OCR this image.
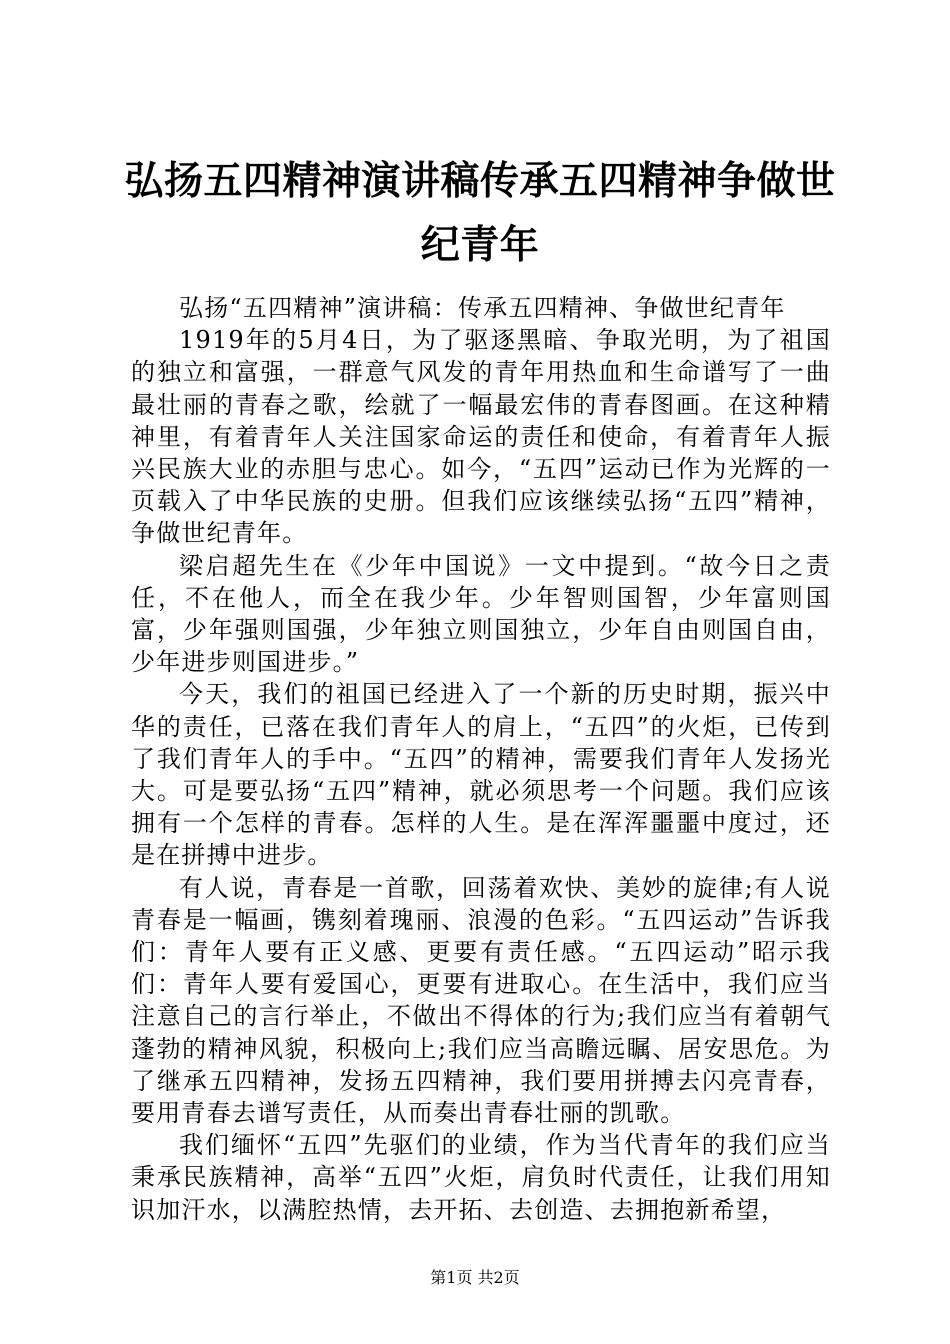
弘扬五四精神演讲稿传承五四精神争做世纪青年

弘扬“五四精神”演讲稿：传承五四精神、争做世纪青年

1919年的5月4日，为了驱逐黑暗、争取光明，为了祖国的独立和富强，一群意气风发的青年用热血和生命谱写了一曲最壮丽的青春之歌，绘就了一幅最宏伟的青春图画。在这种精神里，有着青年人关注国家命运的责任和使命，有着青年人振兴民族大业的赤胆与忠心。如今，“五四”运动已作为光辉的一页载入了中华民族的史册。但我们应该继续弘扬“五四”精神，争做世纪青年。

梁启超先生在《少年中国说》一文中提到。“故今日之责任，不在他人，而全在我少年。少年智则国智，少年富则国富，少年强则国强，少年独立则国独立，少年自由则国自由，少年进步则国进步。”

今天，我们的祖国已经进入了一个新的历史时期，振兴中华的责任，已落在我们青年人的肩上，“五四”的火炬，已传到了我们青年人的手中。“五四”的精神，需要我们青年人发扬光大。可是要弘扬“五四”精神，就必须思考一个问题。我们应该拥有一个怎样的青春。怎样的人生。是在浑浑噩噩中度过，还是在拼搏中进步。

有人说，青春是一首歌，回荡着欢快、美妙的旋律;有人说青春是一幅画，镌刻着瑰丽、浪漫的色彩。“五四运动”告诉我们：青年人要有正义感、更要有责任感。“五四运动”昭示我们：青年人要有爱国心，更要有进取心。在生活中，我们应当注意自己的言行举止，不做出不得体的行为;我们应当有着朝气蓬勃的精神风貌，积极向上;我们应当高瞻远瞩、居安思危。为了继承五四精神，发扬五四精神，我们要用拼搏去闪亮青春，要用青春去谱写责任，从而奏出青春壮丽的凯歌。

我们缅怀“五四”先驱们的业绩，作为当代青年的我们应当秉承民族精神，高举“五四”火炬，肩负时代责任，让我们用知识加汗水，以满腔热情，去开拓、去创造、去拥抱新希望，

第1页 共2页
